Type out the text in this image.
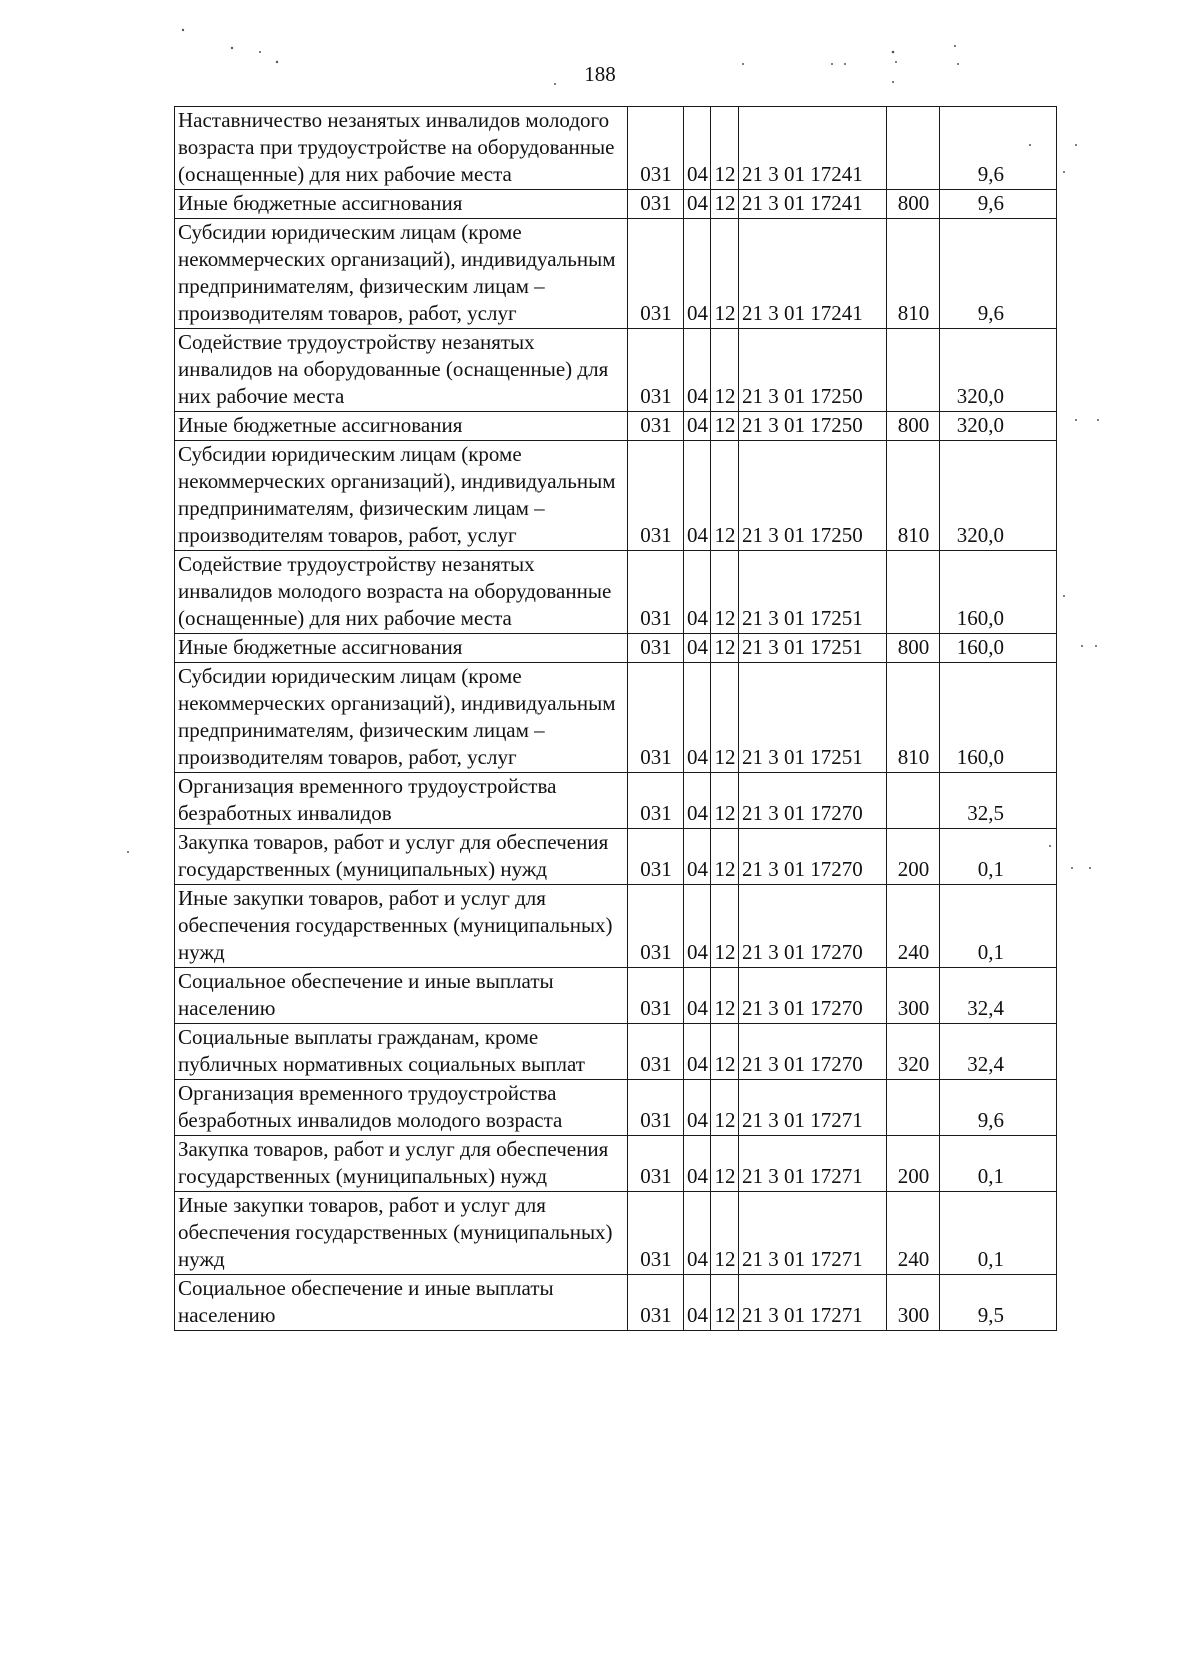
188
Наставничество незанятых инвалидов молодого возраста при трудоустройстве на оборудованные (оснащенные) для них рабочие места	031	04	12	21 3 01 17241		9,6
Иные бюджетные ассигнования	031	04	12	21 3 01 17241	800	9,6
Субсидии юридическим лицам (кроме некоммерческих организаций), индивидуальным предпринимателям, физическим лицам – производителям товаров, работ, услуг	031	04	12	21 3 01 17241	810	9,6
Содействие трудоустройству незанятых инвалидов на оборудованные (оснащенные) для них рабочие места	031	04	12	21 3 01 17250		320,0
Иные бюджетные ассигнования	031	04	12	21 3 01 17250	800	320,0
Субсидии юридическим лицам (кроме некоммерческих организаций), индивидуальным предпринимателям, физическим лицам – производителям товаров, работ, услуг	031	04	12	21 3 01 17250	810	320,0
Содействие трудоустройству незанятых инвалидов молодого возраста на оборудованные (оснащенные) для них рабочие места	031	04	12	21 3 01 17251		160,0
Иные бюджетные ассигнования	031	04	12	21 3 01 17251	800	160,0
Субсидии юридическим лицам (кроме некоммерческих организаций), индивидуальным предпринимателям, физическим лицам – производителям товаров, работ, услуг	031	04	12	21 3 01 17251	810	160,0
Организация временного трудоустройства безработных инвалидов	031	04	12	21 3 01 17270		32,5
Закупка товаров, работ и услуг для обеспечения государственных (муниципальных) нужд	031	04	12	21 3 01 17270	200	0,1
Иные закупки товаров, работ и услуг для обеспечения государственных (муниципальных) нужд	031	04	12	21 3 01 17270	240	0,1
Социальное обеспечение и иные выплаты населению	031	04	12	21 3 01 17270	300	32,4
Социальные выплаты гражданам, кроме публичных нормативных социальных выплат	031	04	12	21 3 01 17270	320	32,4
Организация временного трудоустройства безработных инвалидов молодого возраста	031	04	12	21 3 01 17271		9,6
Закупка товаров, работ и услуг для обеспечения государственных (муниципальных) нужд	031	04	12	21 3 01 17271	200	0,1
Иные закупки товаров, работ и услуг для обеспечения государственных (муниципальных) нужд	031	04	12	21 3 01 17271	240	0,1
Социальное обеспечение и иные выплаты населению	031	04	12	21 3 01 17271	300	9,5
